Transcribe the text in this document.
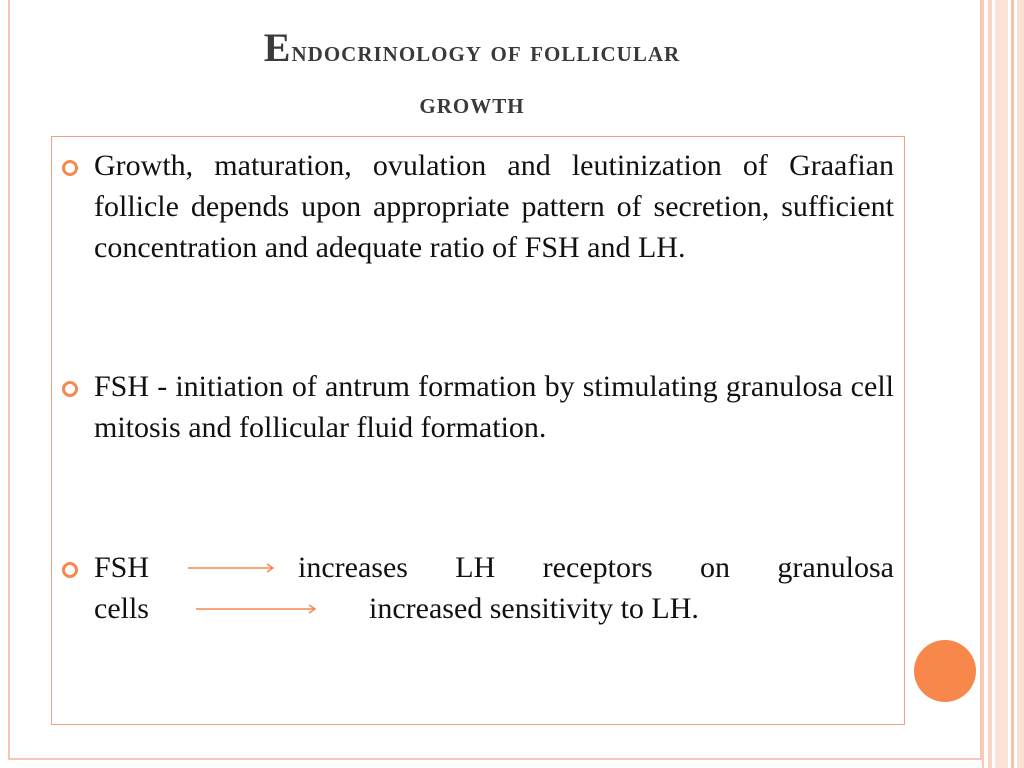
Endocrinology of follicular
growth
Growth, maturation, ovulation and leutinization of Graafian follicle depends upon appropriate pattern of secretion, sufficient concentration and adequate ratio of FSH and LH.
FSH - initiation of antrum formation by stimulating granulosa cell mitosis and follicular fluid formation.
FSH	increases LH receptors on granulosa
cells	increased sensitivity to LH.
